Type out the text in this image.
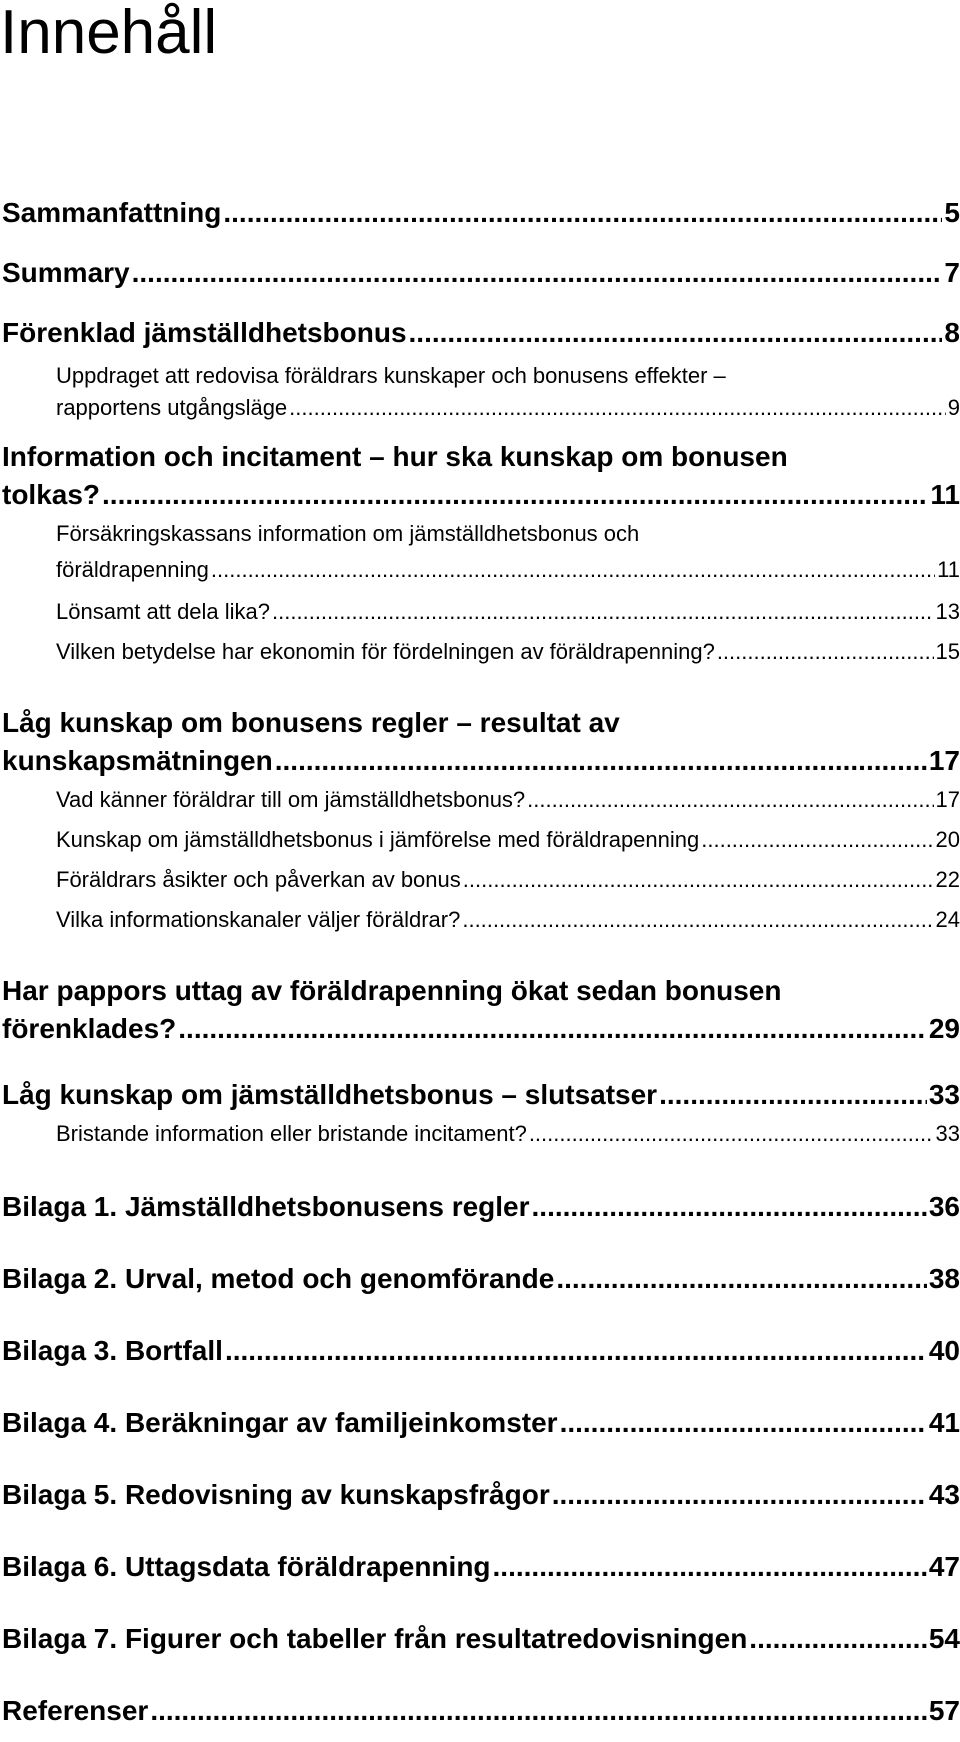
Innehåll
Sammanfattning .....	5
Summary .....	7
Förenklad jämställdhetsbonus .....	8
Uppdraget att redovisa föräldrars kunskaper och bonusens effekter –
rapportens utgångsläge .....	9
Information och incitament – hur ska kunskap om bonusen
tolkas? .....	11
Försäkringskassans information om jämställdhetsbonus och
föräldrapenning .....	11
Lönsamt att dela lika? .....	13
Vilken betydelse har ekonomin för fördelningen av föräldrapenning? .....	15
Låg kunskap om bonusens regler – resultat av
kunskapsmätningen .....	17
Vad känner föräldrar till om jämställdhetsbonus? .....	17
Kunskap om jämställdhetsbonus i jämförelse med föräldrapenning .....	20
Föräldrars åsikter och påverkan av bonus .....	22
Vilka informationskanaler väljer föräldrar? .....	24
Har pappors uttag av föräldrapenning ökat sedan bonusen
förenklades? .....	29
Låg kunskap om jämställdhetsbonus – slutsatser .....	33
Bristande information eller bristande incitament? .....	33
Bilaga 1. Jämställdhetsbonusens regler .....	36
Bilaga 2. Urval, metod och genomförande .....	38
Bilaga 3. Bortfall .....	40
Bilaga 4. Beräkningar av familjeinkomster .....	41
Bilaga 5. Redovisning av kunskapsfrågor .....	43
Bilaga 6. Uttagsdata föräldrapenning .....	47
Bilaga 7. Figurer och tabeller från resultatredovisningen .....	54
Referenser .....	57
